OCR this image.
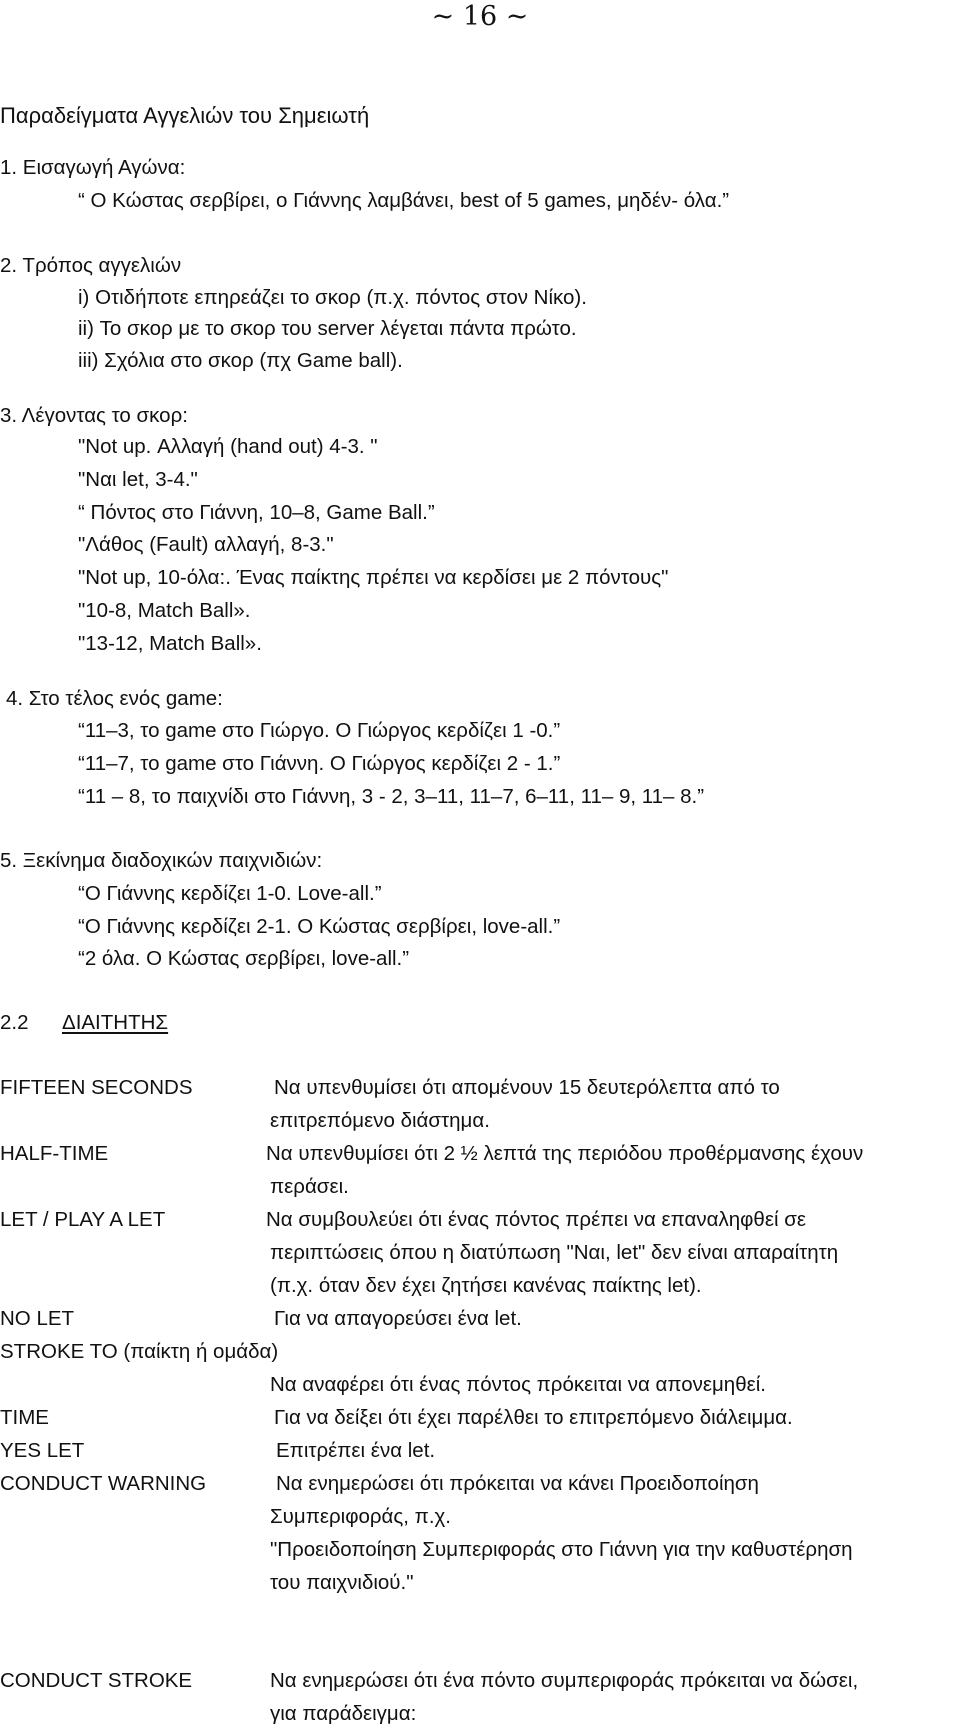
~ 16 ~
Παραδείγματα Αγγελιών του Σημειωτή
1. Εισαγωγή Αγώνα:
“ Ο Κώστας σερβίρει, ο Γιάννης λαμβάνει, best of 5 games, μηδέν- όλα.”
2. Τρόπος αγγελιών
i) Οτιδήποτε επηρεάζει το σκορ (π.χ. πόντος στον Νίκο).
ii) Το σκορ με το σκορ του server λέγεται πάντα πρώτο.
iii) Σχόλια στο σκορ (πχ Game ball).
3. Λέγοντας το σκορ:
"Not up. Αλλαγή (hand out) 4-3. "
"Ναι let, 3-4."
“ Πόντος στο Γιάννη, 10–8, Game Ball.”
"Λάθος (Fault) αλλαγή, 8-3."
"Not up, 10-όλα:. Ένας παίκτης πρέπει να κερδίσει με 2 πόντους"
"10-8, Match Ball».
"13-12, Match Ball».
4. Στο τέλος ενός game:
“11–3, το game στο Γιώργο. Ο Γιώργος κερδίζει 1 -0.”
“11–7, το game στο Γιάννη. Ο Γιώργος κερδίζει 2 - 1.”
“11 – 8, το παιχνίδι στο Γιάννη, 3 - 2, 3–11, 11–7, 6–11, 11– 9, 11– 8.”
5. Ξεκίνημα διαδοχικών παιχνιδιών:
“Ο Γιάννης κερδίζει 1-0. Love-all.”
“Ο Γιάννης κερδίζει 2-1. Ο Κώστας σερβίρει, love-all.”
“2 όλα. Ο Κώστας σερβίρει, love-all.”
2.2 ΔΙΑΙΤΗΤΗΣ
FIFTEEN SECONDS	Να υπενθυμίσει ότι απομένουν 15 δευτερόλεπτα από το
επιτρεπόμενο διάστημα.
HALF-TIME	Να υπενθυμίσει ότι 2 ½ λεπτά της περιόδου προθέρμανσης έχουν
περάσει.
LET / PLAY A LET	Να συμβουλεύει ότι ένας πόντος πρέπει να επαναληφθεί σε
περιπτώσεις όπου η διατύπωση "Ναι, let" δεν είναι απαραίτητη
(π.χ. όταν δεν έχει ζητήσει κανένας παίκτης let).
NO LET	Για να απαγορεύσει ένα let.
STROKE TO (παίκτη ή ομάδα)
Να αναφέρει ότι ένας πόντος πρόκειται να απονεμηθεί.
TIME	Για να δείξει ότι έχει παρέλθει το επιτρεπόμενο διάλειμμα.
YES LET	Επιτρέπει ένα let.
CONDUCT WARNING	Να ενημερώσει ότι πρόκειται να κάνει Προειδοποίηση
Συμπεριφοράς, π.χ.
"Προειδοποίηση Συμπεριφοράς στο Γιάννη για την καθυστέρηση
του παιχνιδιού."
CONDUCT STROKE	Να ενημερώσει ότι ένα πόντο συμπεριφοράς πρόκειται να δώσει,
για παράδειγμα:
